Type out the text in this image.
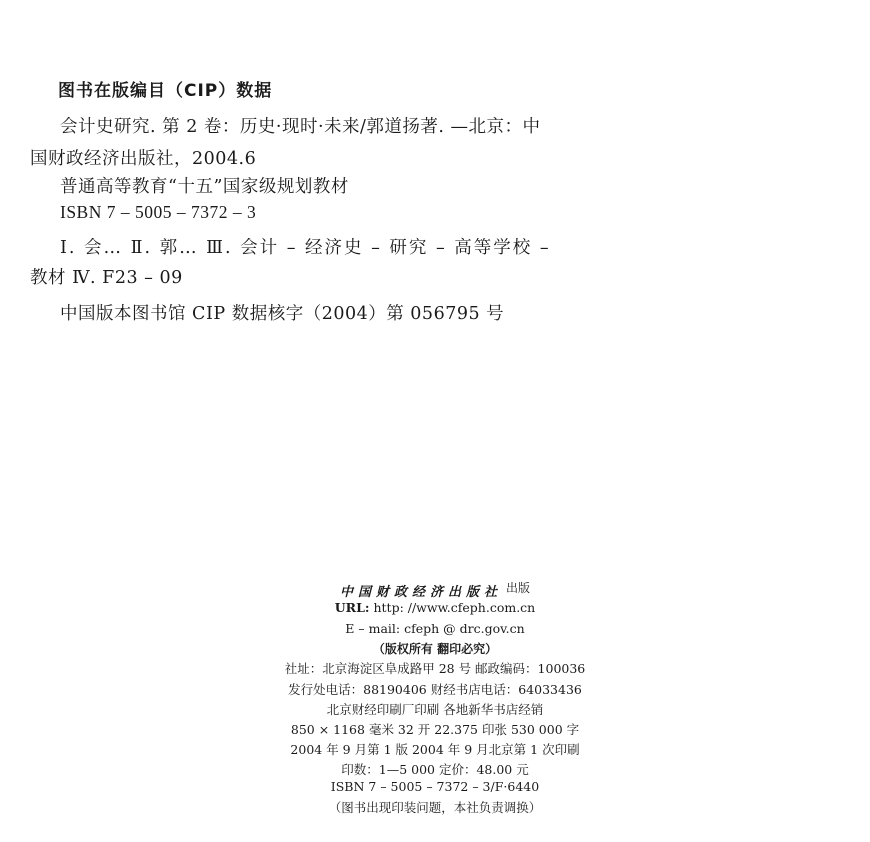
图书在版编目（CIP）数据
会计史研究. 第 2 卷：历史·现时·未来/郭道扬著. —北京：中
国财政经济出版社，2004.6
普通高等教育“十五”国家级规划教材
ISBN 7 – 5005 – 7372 – 3
Ⅰ. 会… Ⅱ. 郭… Ⅲ. 会计 – 经济史 – 研究 – 高等学校 –
教材 Ⅳ. F23 – 09
中国版本图书馆 CIP 数据核字（2004）第 056795 号
中国财政经济出版社 出版
URL: http: //www.cfeph.com.cn
E – mail: cfeph @ drc.gov.cn
（版权所有 翻印必究）
社址：北京海淀区阜成路甲 28 号 邮政编码：100036
发行处电话：88190406 财经书店电话：64033436
北京财经印刷厂印刷 各地新华书店经销
850 × 1168 毫米 32 开 22.375 印张 530 000 字
2004 年 9 月第 1 版 2004 年 9 月北京第 1 次印刷
印数：1—5 000 定价：48.00 元
ISBN 7 – 5005 – 7372 – 3/F·6440
（图书出现印装问题，本社负责调换）
